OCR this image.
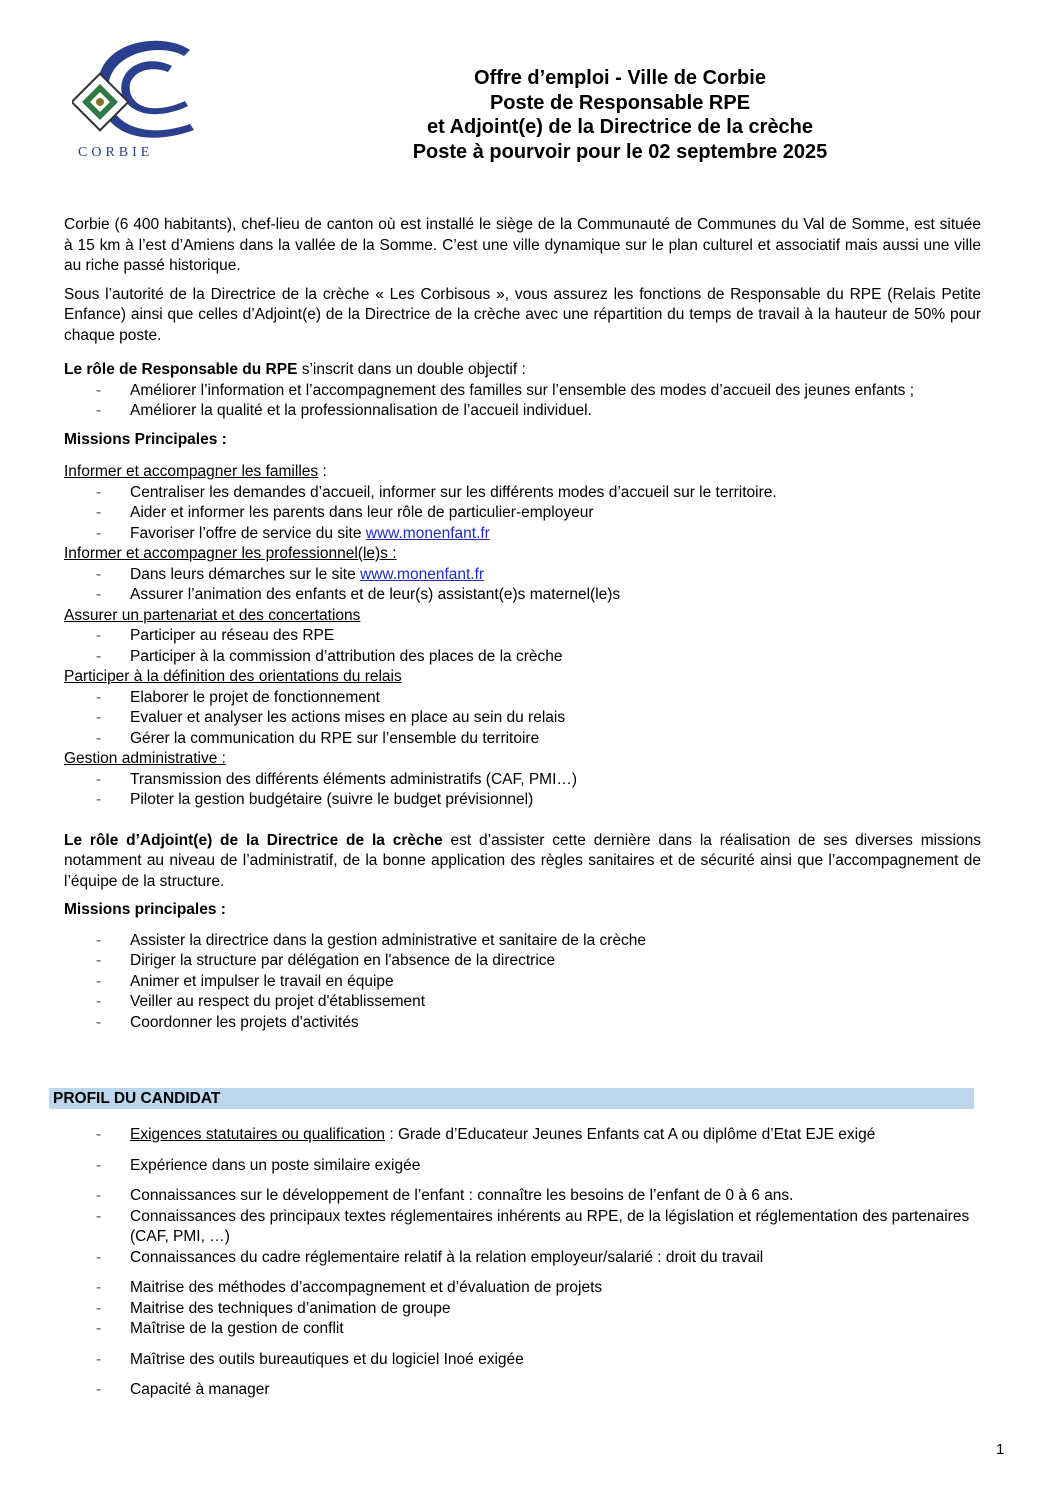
CORBIE
Offre d’emploi - Ville de Corbie
Poste de Responsable RPE
et Adjoint(e) de la Directrice de la crèche
Poste à pourvoir pour le 02 septembre 2025

Corbie (6 400 habitants), chef-lieu de canton où est installé le siège de la Communauté de Communes du Val de Somme, est située à 15 km à l’est d’Amiens dans la vallée de la Somme. C’est une ville dynamique sur le plan culturel et associatif mais aussi une ville au riche passé historique.

Sous l’autorité de la Directrice de la crèche « Les Corbisous », vous assurez les fonctions de Responsable du RPE (Relais Petite Enfance) ainsi que celles d’Adjoint(e) de la Directrice de la crèche avec une répartition du temps de travail à la hauteur de 50% pour chaque poste.

Le rôle de Responsable du RPE s’inscrit dans un double objectif :
-	Améliorer l’information et l’accompagnement des familles sur l’ensemble des modes d’accueil des jeunes enfants ;
-	Améliorer la qualité et la professionnalisation de l’accueil individuel.
Missions Principales :
Informer et accompagner les familles :
-	Centraliser les demandes d’accueil, informer sur les différents modes d’accueil sur le territoire.
-	Aider et informer les parents dans leur rôle de particulier-employeur
-	Favoriser l’offre de service du site www.monenfant.fr
Informer et accompagner les professionnel(le)s :
-	Dans leurs démarches sur le site www.monenfant.fr
-	Assurer l’animation des enfants et de leur(s) assistant(e)s maternel(le)s
Assurer un partenariat et des concertations
-	Participer au réseau des RPE
-	Participer à la commission d’attribution des places de la crèche
Participer à la définition des orientations du relais
-	Elaborer le projet de fonctionnement
-	Evaluer et analyser les actions mises en place au sein du relais
-	Gérer la communication du RPE sur l’ensemble du territoire
Gestion administrative :
-	Transmission des différents éléments administratifs (CAF, PMI…)
-	Piloter la gestion budgétaire (suivre le budget prévisionnel)

Le rôle d’Adjoint(e) de la Directrice de la crèche est d’assister cette dernière dans la réalisation de ses diverses missions notamment au niveau de l’administratif, de la bonne application des règles sanitaires et de sécurité ainsi que l’accompagnement de l’équipe de la structure.

Missions principales :
-	Assister la directrice dans la gestion administrative et sanitaire de la crèche
-	Diriger la structure par délégation en l'absence de la directrice
-	Animer et impulser le travail en équipe
-	Veiller au respect du projet d'établissement
-	Coordonner les projets d'activités
PROFIL DU CANDIDAT
-	Exigences statutaires ou qualification : Grade d’Educateur Jeunes Enfants cat A ou diplôme d’Etat EJE exigé
-	Expérience dans un poste similaire exigée
-	Connaissances sur le développement de l’enfant : connaître les besoins de l’enfant de 0 à 6 ans.
-	Connaissances des principaux textes réglementaires inhérents au RPE, de la législation et réglementation des partenaires (CAF, PMI, …)
-	Connaissances du cadre réglementaire relatif à la relation employeur/salarié : droit du travail
-	Maitrise des méthodes d’accompagnement et d’évaluation de projets
-	Maitrise des techniques d’animation de groupe
-	Maîtrise de la gestion de conflit
-	Maîtrise des outils bureautiques et du logiciel Inoé exigée
-	Capacité à manager
1
